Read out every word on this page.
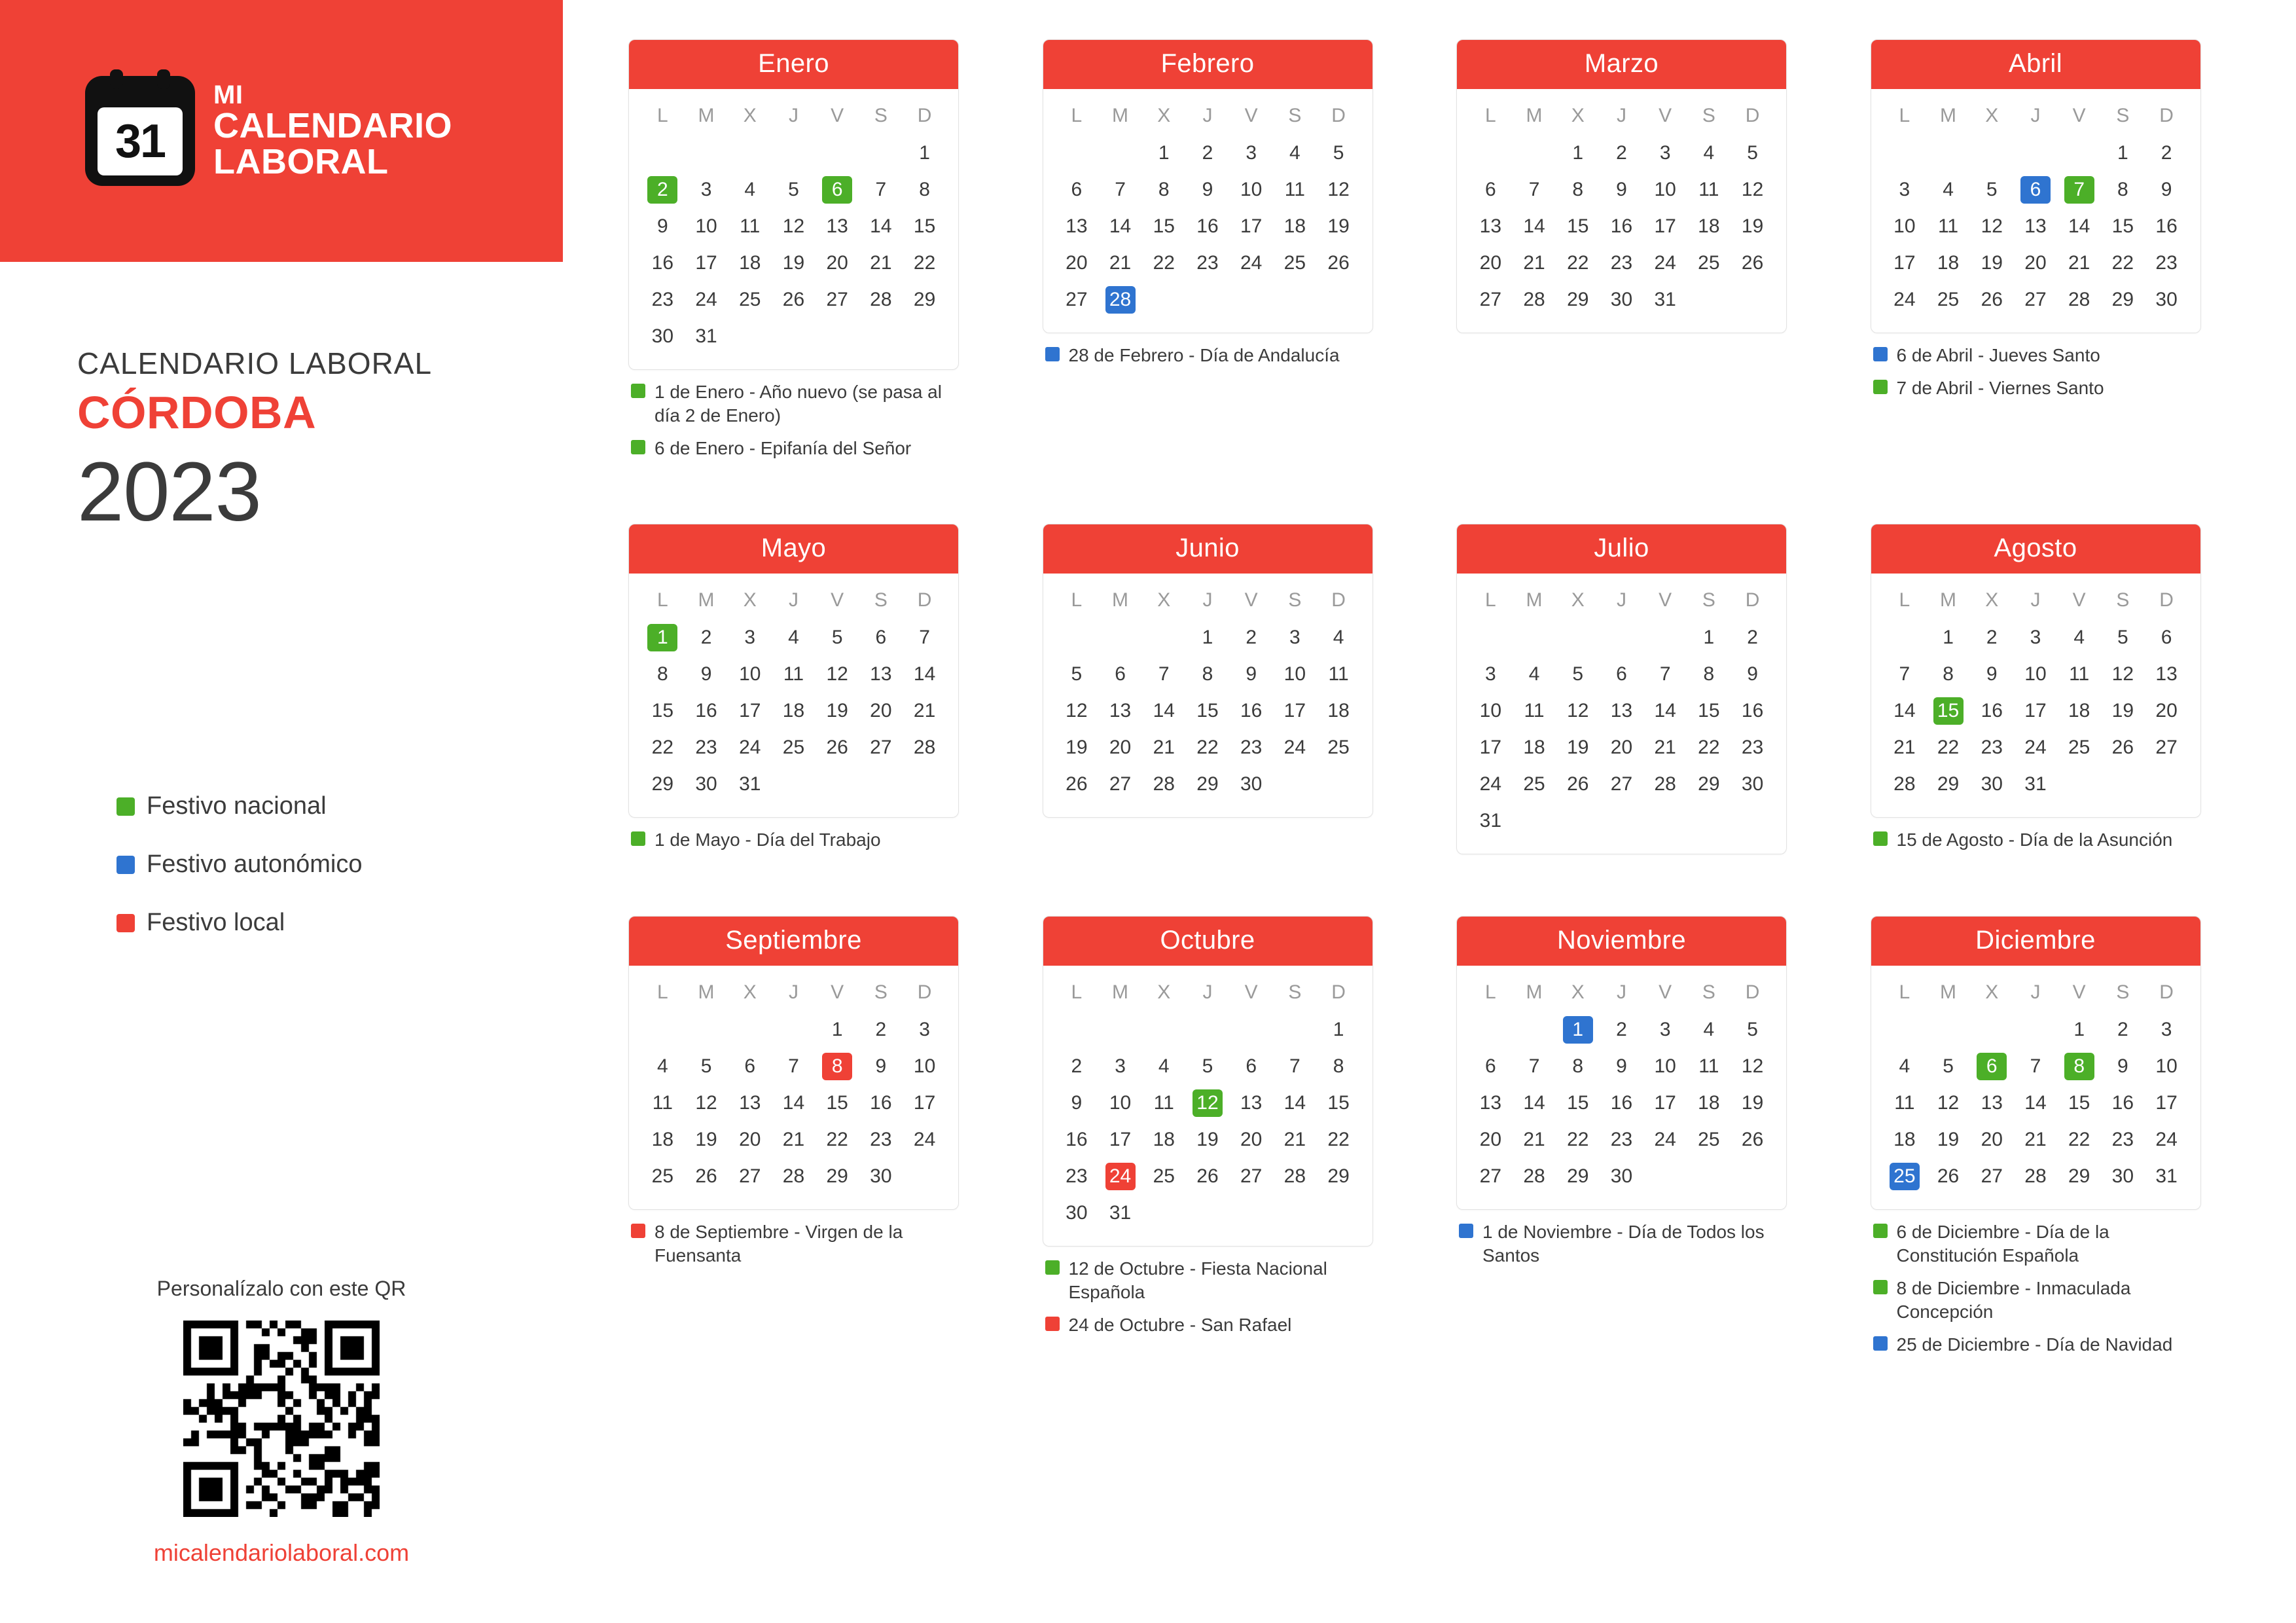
31
MI
CALENDARIO
LABORAL
CALENDARIO LABORAL
CÓRDOBA
2023
Festivo nacional
Festivo autonómico
Festivo local
Personalízalo con este QR
micalendariolaboral.com
Enero
L	M	X	J	V	S	D
						1
2	3	4	5	6	7	8
9	10	11	12	13	14	15
16	17	18	19	20	21	22
23	24	25	26	27	28	29
30	31					
1 de Enero - Año nuevo (se pasa al día 2 de Enero)
6 de Enero - Epifanía del Señor
Febrero
L	M	X	J	V	S	D
		1	2	3	4	5
6	7	8	9	10	11	12
13	14	15	16	17	18	19
20	21	22	23	24	25	26
27	28					
28 de Febrero - Día de Andalucía
Marzo
L	M	X	J	V	S	D
		1	2	3	4	5
6	7	8	9	10	11	12
13	14	15	16	17	18	19
20	21	22	23	24	25	26
27	28	29	30	31		
Abril
L	M	X	J	V	S	D
					1	2
3	4	5	6	7	8	9
10	11	12	13	14	15	16
17	18	19	20	21	22	23
24	25	26	27	28	29	30
6 de Abril - Jueves Santo
7 de Abril - Viernes Santo
Mayo
L	M	X	J	V	S	D
1	2	3	4	5	6	7
8	9	10	11	12	13	14
15	16	17	18	19	20	21
22	23	24	25	26	27	28
29	30	31				
1 de Mayo - Día del Trabajo
Junio
L	M	X	J	V	S	D
			1	2	3	4
5	6	7	8	9	10	11
12	13	14	15	16	17	18
19	20	21	22	23	24	25
26	27	28	29	30		
Julio
L	M	X	J	V	S	D
					1	2
3	4	5	6	7	8	9
10	11	12	13	14	15	16
17	18	19	20	21	22	23
24	25	26	27	28	29	30
31						
Agosto
L	M	X	J	V	S	D
	1	2	3	4	5	6
7	8	9	10	11	12	13
14	15	16	17	18	19	20
21	22	23	24	25	26	27
28	29	30	31			
15 de Agosto - Día de la Asunción
Septiembre
L	M	X	J	V	S	D
				1	2	3
4	5	6	7	8	9	10
11	12	13	14	15	16	17
18	19	20	21	22	23	24
25	26	27	28	29	30	
8 de Septiembre - Virgen de la Fuensanta
Octubre
L	M	X	J	V	S	D
						1
2	3	4	5	6	7	8
9	10	11	12	13	14	15
16	17	18	19	20	21	22
23	24	25	26	27	28	29
30	31					
12 de Octubre - Fiesta Nacional Española
24 de Octubre - San Rafael
Noviembre
L	M	X	J	V	S	D
		1	2	3	4	5
6	7	8	9	10	11	12
13	14	15	16	17	18	19
20	21	22	23	24	25	26
27	28	29	30			
1 de Noviembre - Día de Todos los Santos
Diciembre
L	M	X	J	V	S	D
				1	2	3
4	5	6	7	8	9	10
11	12	13	14	15	16	17
18	19	20	21	22	23	24
25	26	27	28	29	30	31
6 de Diciembre - Día de la Constitución Española
8 de Diciembre - Inmaculada Concepción
25 de Diciembre - Día de Navidad
